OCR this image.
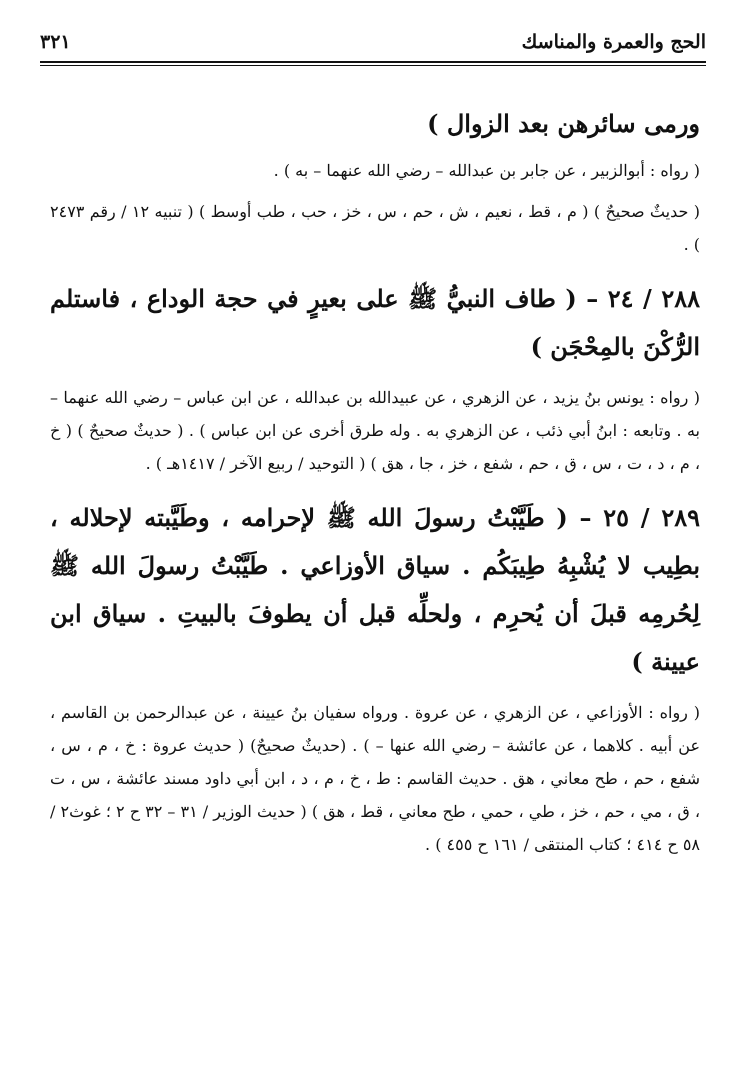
الحج والعمرة والمناسك
٣٢١

ورمى سائرهن بعد الزوال )

( رواه : أبوالزبير ، عن جابر بن عبدالله – رضي الله عنهما – به ) .

( حديثٌ صحيحٌ ) ( م ، قط ، نعيم ، ش ، حم ، س ، خز ، حب ، طب أوسط ) ( تنبيه ١٢ / رقم ٢٤٧٣ ) .

٢٨٨ / ٢٤ – ( طاف النبيُّ ﷺ على بعيرٍ في حجة الوداع ، فاستلم الرُّكْنَ بالمِحْجَن )

( رواه : يونس بنُ يزيد ، عن الزهري ، عن عبيدالله بن عبدالله ، عن ابن عباس – رضي الله عنهما – به . وتابعه : ابنُ أبي ذئب ، عن الزهري به . وله طرق أخرى عن ابن عباس ) . ( حديثٌ صحيحٌ ) ( خ ، م ، د ، ت ، س ، ق ، حم ، شفع ، خز ، جا ، هق ) ( التوحيد / ربيع الآخر / ١٤١٧هـ ) .

٢٨٩ / ٢٥ – ( طَيَّبْتُ رسولَ الله ﷺ لإحرامه ، وطَيَّبته لإحلاله ، بطِيب لا يُشْبِهُ طِيبَكُم . سياق الأوزاعي . طَيَّبْتُ رسولَ الله ﷺ لِحُرمِه قبلَ أن يُحرِم ، ولحلِّه قبل أن يطوفَ بالبيتِ . سياق ابن عيينة )

( رواه : الأوزاعي ، عن الزهري ، عن عروة . ورواه سفيان بنُ عيينة ، عن عبدالرحمن بن القاسم ، عن أبيه . كلاهما ، عن عائشة – رضي الله عنها – ) . (حديثٌ صحيحٌ) ( حديث عروة : خ ، م ، س ، شفع ، حم ، طح معاني ، هق . حديث القاسم : ط ، خ ، م ، د ، ابن أبي داود مسند عائشة ، س ، ت ، ق ، مي ، حم ، خز ، طي ، حمي ، طح معاني ، قط ، هق ) ( حديث الوزير / ٣١ – ٣٢ ح ٢ ؛ غوث٢ / ٥٨ ح ٤١٤ ؛ كتاب المنتقى / ١٦١ ح ٤٥٥ ) .
